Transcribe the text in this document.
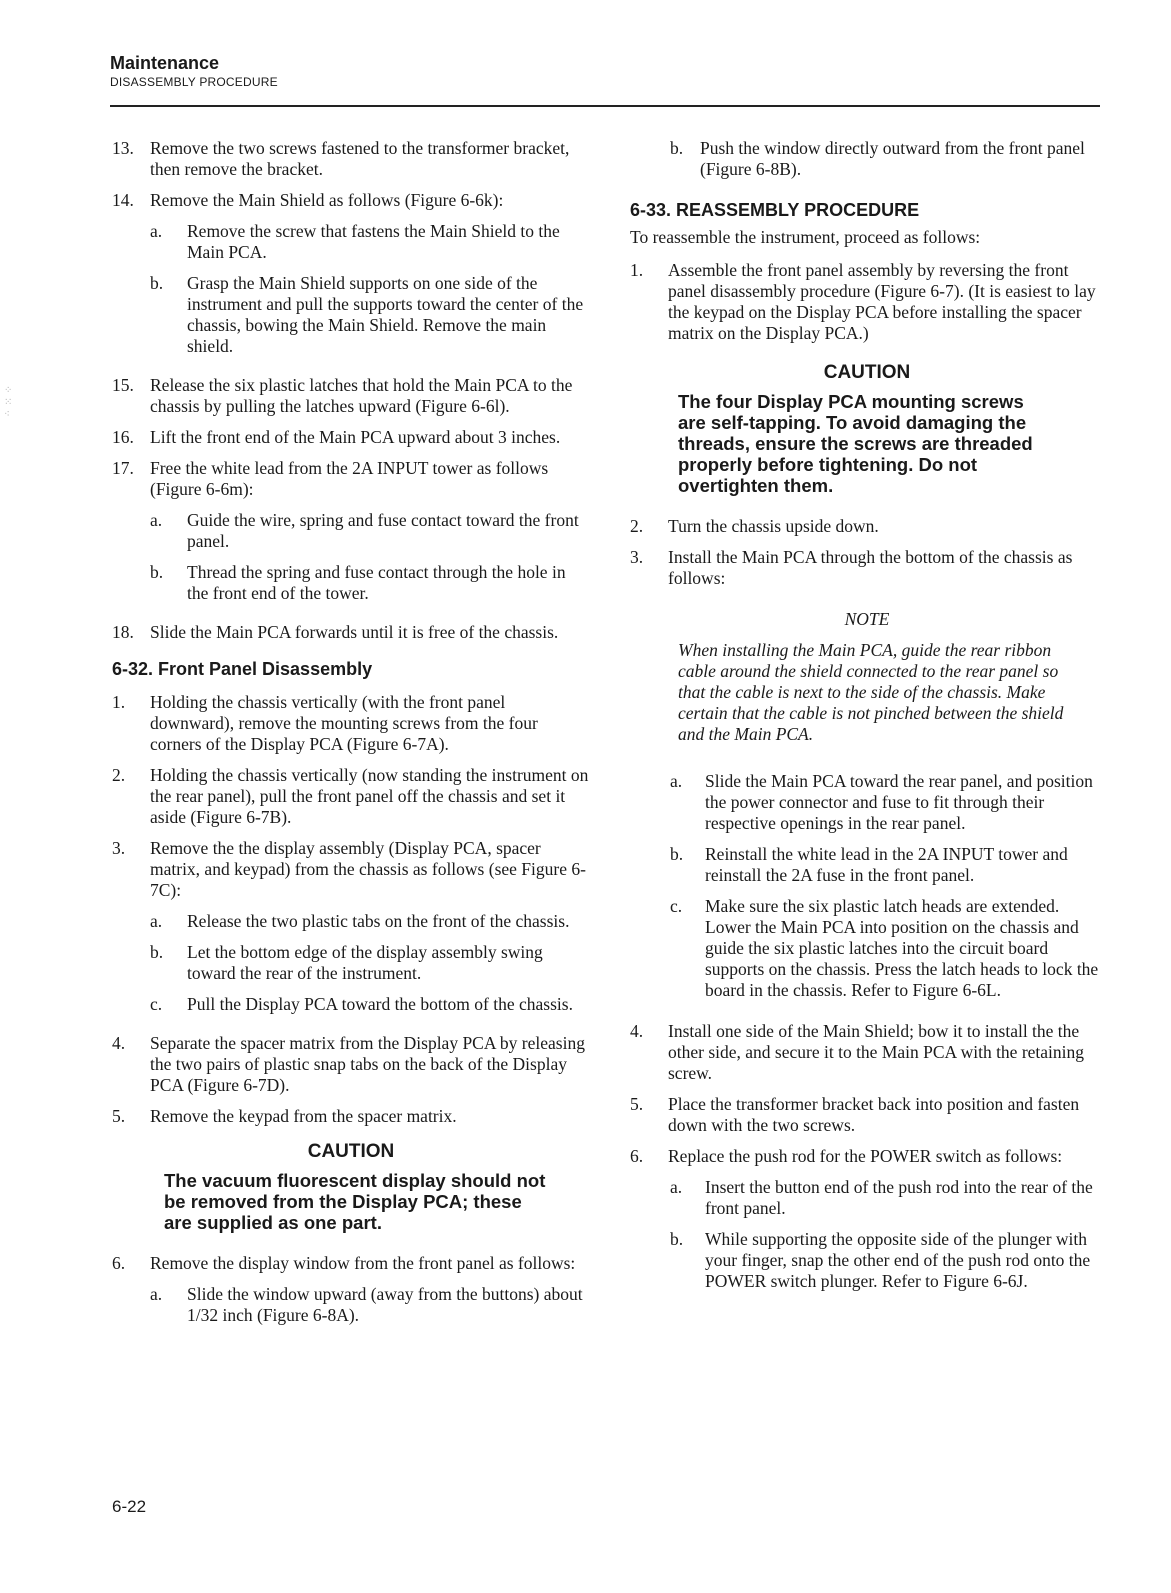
Maintenance
DISASSEMBLY PROCEDURE
⁘
⁙
⁖
13. Remove the two screws fastened to the transformer bracket, then remove the bracket.
14. Remove the Main Shield as follows (Figure 6-6k):
a. Remove the screw that fastens the Main Shield to the Main PCA.
b. Grasp the Main Shield supports on one side of the instrument and pull the supports toward the center of the chassis, bowing the Main Shield. Remove the main shield.
15. Release the six plastic latches that hold the Main PCA to the chassis by pulling the latches upward (Figure 6-6l).
16. Lift the front end of the Main PCA upward about 3 inches.
17. Free the white lead from the 2A INPUT tower as follows (Figure 6-6m):
a. Guide the wire, spring and fuse contact toward the front panel.
b. Thread the spring and fuse contact through the hole in the front end of the tower.
18. Slide the Main PCA forwards until it is free of the chassis.
6-32. Front Panel Disassembly
1.	Holding the chassis vertically (with the front panel downward), remove the mounting screws from the four corners of the Display PCA (Figure 6-7A).
2.	Holding the chassis vertically (now standing the instrument on the rear panel), pull the front panel off the chassis and set it aside (Figure 6-7B).
3.	Remove the the display assembly (Display PCA, spacer matrix, and keypad) from the chassis as follows (see Figure 6-7C):
a. Release the two plastic tabs on the front of the chassis.
b. Let the bottom edge of the display assembly swing toward the rear of the instrument.
c. Pull the Display PCA toward the bottom of the chassis.
4.	Separate the spacer matrix from the Display PCA by releasing the two pairs of plastic snap tabs on the back of the Display PCA (Figure 6-7D).
5.	Remove the keypad from the spacer matrix.
CAUTION
The vacuum fluorescent display should not be removed from the Display PCA; these are supplied as one part.
6.	Remove the display window from the front panel as follows:
a. Slide the window upward (away from the buttons) about 1/32 inch (Figure 6-8A).
b. Push the window directly outward from the front panel (Figure 6-8B).
6-33. REASSEMBLY PROCEDURE
To reassemble the instrument, proceed as follows:
1.	Assemble the front panel assembly by reversing the front panel disassembly procedure (Figure 6-7). (It is easiest to lay the keypad on the Display PCA before installing the spacer matrix on the Display PCA.)
CAUTION
The four Display PCA mounting screws are self-tapping. To avoid damaging the threads, ensure the screws are threaded properly before tightening. Do not overtighten them.
2.	Turn the chassis upside down.
3.	Install the Main PCA through the bottom of the chassis as follows:
NOTE
When installing the Main PCA, guide the rear ribbon cable around the shield connected to the rear panel so that the cable is next to the side of the chassis. Make certain that the cable is not pinched between the shield and the Main PCA.
a. Slide the Main PCA toward the rear panel, and position the power connector and fuse to fit through their respective openings in the rear panel.
b. Reinstall the white lead in the 2A INPUT tower and reinstall the 2A fuse in the front panel.
c. Make sure the six plastic latch heads are extended. Lower the Main PCA into position on the chassis and guide the six plastic latches into the circuit board supports on the chassis. Press the latch heads to lock the board in the chassis. Refer to Figure 6-6L.
4.	Install one side of the Main Shield; bow it to install the the other side, and secure it to the Main PCA with the retaining screw.
5.	Place the transformer bracket back into position and fasten down with the two screws.
6.	Replace the push rod for the POWER switch as follows:
a. Insert the button end of the push rod into the rear of the front panel.
b. While supporting the opposite side of the plunger with your finger, snap the other end of the push rod onto the POWER switch plunger. Refer to Figure 6-6J.
6-22
